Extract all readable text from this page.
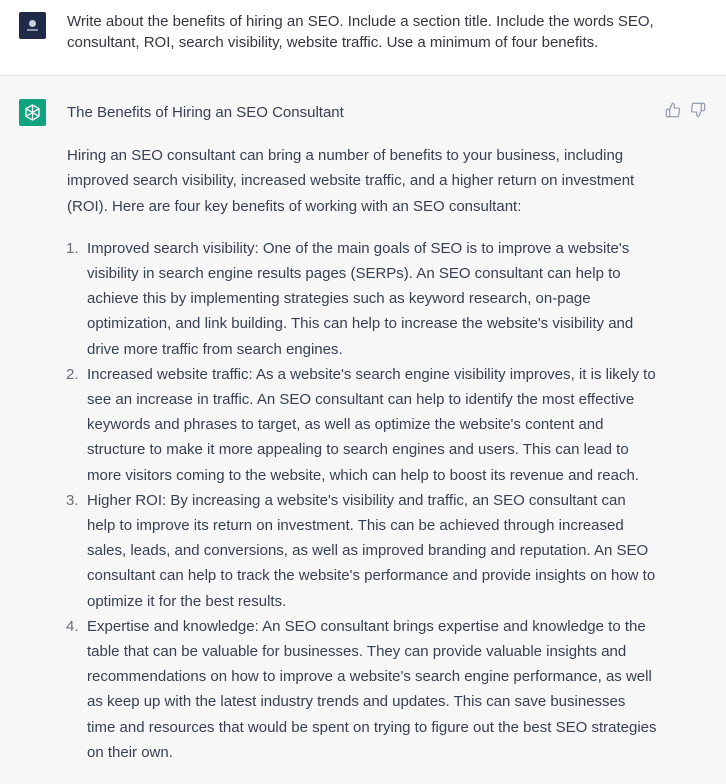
Write about the benefits of hiring an SEO. Include a section title. Include the words SEO, consultant, ROI, search visibility, website traffic. Use a minimum of four benefits.
The Benefits of Hiring an SEO Consultant
Hiring an SEO consultant can bring a number of benefits to your business, including improved search visibility, increased website traffic, and a higher return on investment (ROI). Here are four key benefits of working with an SEO consultant:
1. Improved search visibility: One of the main goals of SEO is to improve a website's visibility in search engine results pages (SERPs). An SEO consultant can help to achieve this by implementing strategies such as keyword research, on-page optimization, and link building. This can help to increase the website's visibility and drive more traffic from search engines.
2. Increased website traffic: As a website's search engine visibility improves, it is likely to see an increase in traffic. An SEO consultant can help to identify the most effective keywords and phrases to target, as well as optimize the website's content and structure to make it more appealing to search engines and users. This can lead to more visitors coming to the website, which can help to boost its revenue and reach.
3. Higher ROI: By increasing a website's visibility and traffic, an SEO consultant can help to improve its return on investment. This can be achieved through increased sales, leads, and conversions, as well as improved branding and reputation. An SEO consultant can help to track the website's performance and provide insights on how to optimize it for the best results.
4. Expertise and knowledge: An SEO consultant brings expertise and knowledge to the table that can be valuable for businesses. They can provide valuable insights and recommendations on how to improve a website's search engine performance, as well as keep up with the latest industry trends and updates. This can save businesses time and resources that would be spent on trying to figure out the best SEO strategies on their own.
